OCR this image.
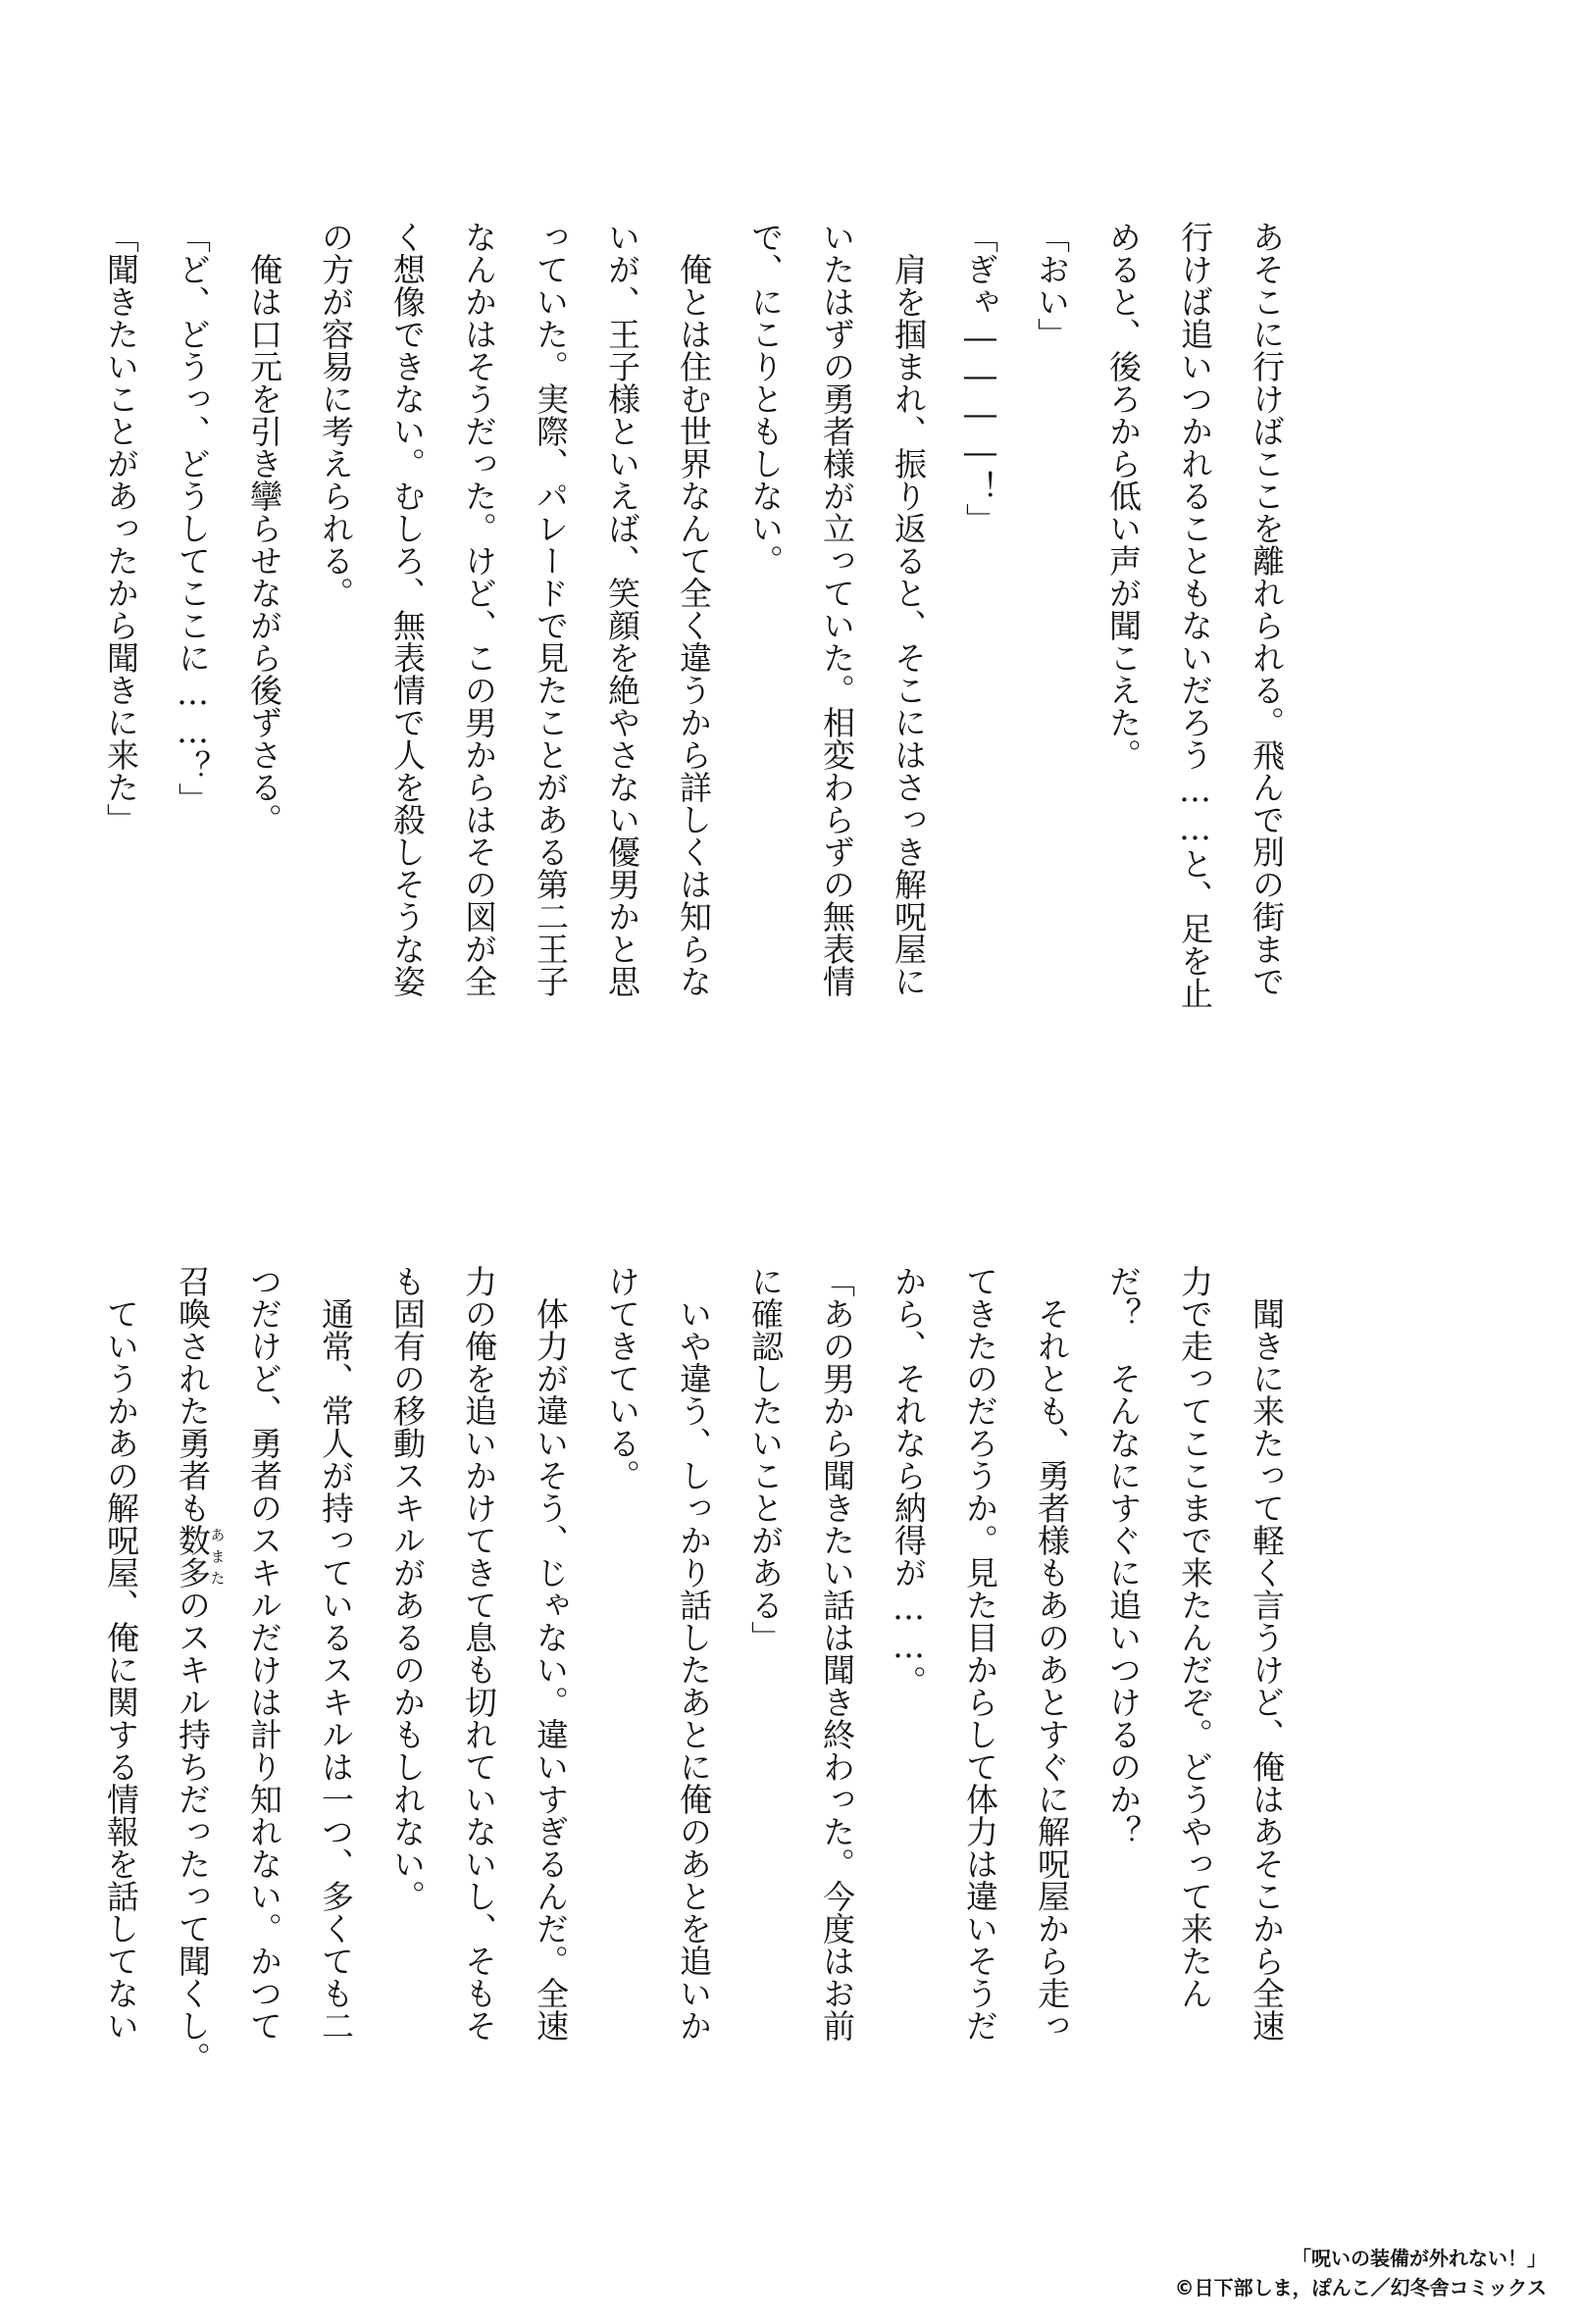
あそこに行けばここを離れられる。飛んで別の街まで
行けば追いつかれることもないだろう……と、足を止
めると、後ろから低い声が聞こえた。
「おい」
「ぎゃ――――！」
　肩を掴まれ、振り返ると、そこにはさっき解呪屋に
いたはずの勇者様が立っていた。相変わらずの無表情
で、にこりともしない。
　俺とは住む世界なんて全く違うから詳しくは知らな
いが、王子様といえば、笑顔を絶やさない優男かと思
っていた。実際、パレードで見たことがある第二王子
なんかはそうだった。けど、この男からはその図が全
く想像できない。むしろ、無表情で人を殺しそうな姿
の方が容易に考えられる。
　俺は口元を引き攣らせながら後ずさる。
「ど、どうっ、どうしてここに……？」
「聞きたいことがあったから聞きに来た」
　聞きに来たって軽く言うけど、俺はあそこから全速
力で走ってここまで来たんだぞ。どうやって来たん
だ？　そんなにすぐに追いつけるのか？
　それとも、勇者様もあのあとすぐに解呪屋から走っ
てきたのだろうか。見た目からして体力は違いそうだ
から、それなら納得が……。
「あの男から聞きたい話は聞き終わった。今度はお前
に確認したいことがある」
　いや違う、しっかり話したあとに俺のあとを追いか
けてきている。
　体力が違いそう、じゃない。違いすぎるんだ。全速
力の俺を追いかけてきて息も切れていないし、そもそ
も固有の移動スキルがあるのかもしれない。
　通常、常人が持っているスキルは一つ、多くても二
つだけど、勇者のスキルだけは計り知れない。かつて
召喚された勇者も数多あまたのスキル持ちだったって聞くし。
　ていうかあの解呪屋、俺に関する情報を話してない
「呪いの装備が外れない！」
©日下部しま，ぽんこ／幻冬舎コミックス
